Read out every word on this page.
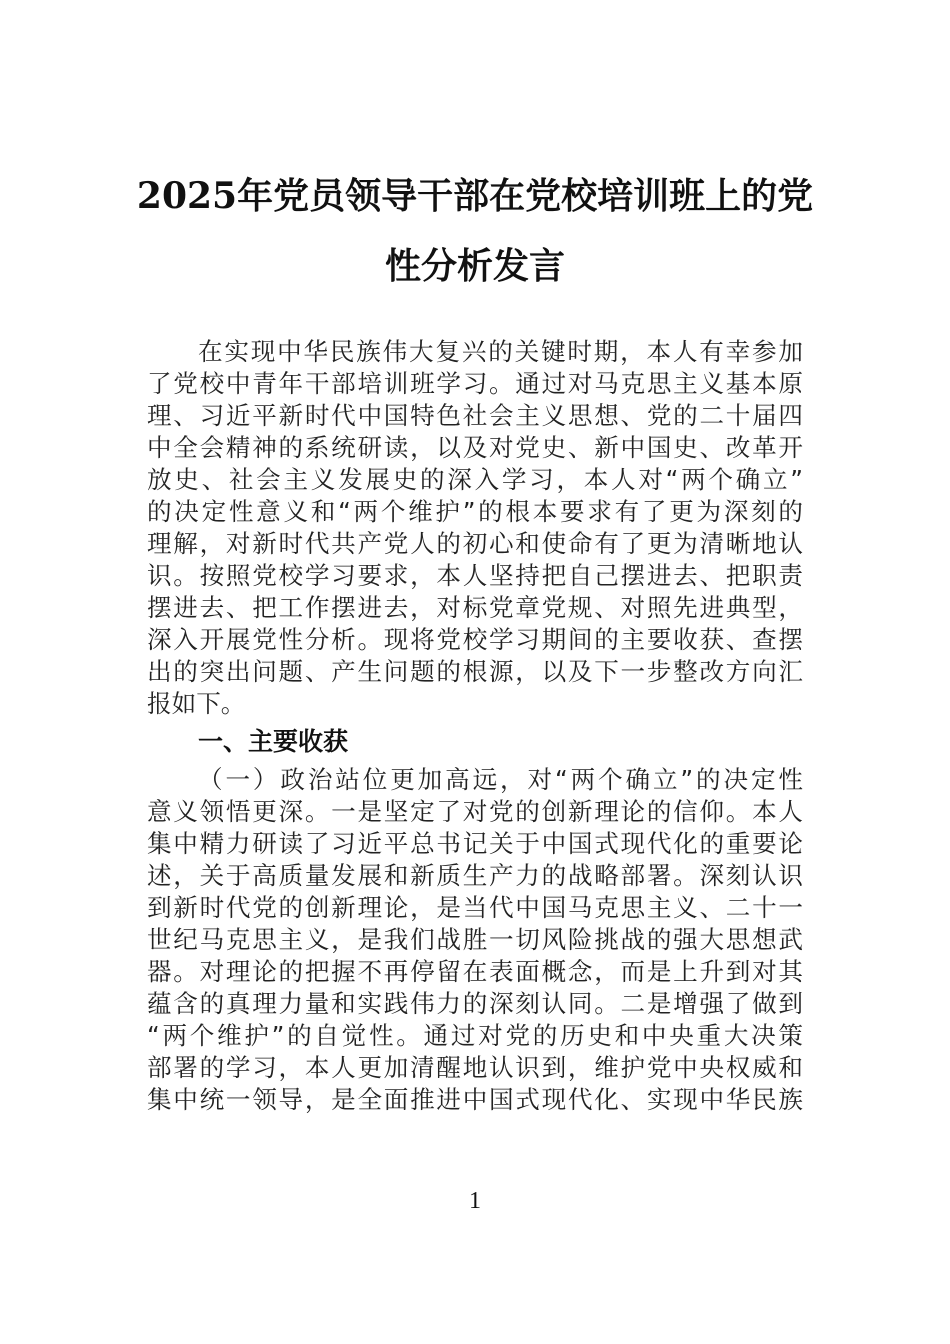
2025年党员领导干部在党校培训班上的党
性分析发言
在实现中华民族伟大复兴的关键时期，本人有幸参加
了党校中青年干部培训班学习。通过对马克思主义基本原
理、习近平新时代中国特色社会主义思想、党的二十届四
中全会精神的系统研读，以及对党史、新中国史、改革开
放史、社会主义发展史的深入学习，本人对“两个确立”
的决定性意义和“两个维护”的根本要求有了更为深刻的
理解，对新时代共产党人的初心和使命有了更为清晰地认
识。按照党校学习要求，本人坚持把自己摆进去、把职责
摆进去、把工作摆进去，对标党章党规、对照先进典型，
深入开展党性分析。现将党校学习期间的主要收获、查摆
出的突出问题、产生问题的根源，以及下一步整改方向汇
报如下。
一、主要收获
（一）政治站位更加高远，对“两个确立”的决定性
意义领悟更深。一是坚定了对党的创新理论的信仰。本人
集中精力研读了习近平总书记关于中国式现代化的重要论
述，关于高质量发展和新质生产力的战略部署。深刻认识
到新时代党的创新理论，是当代中国马克思主义、二十一
世纪马克思主义，是我们战胜一切风险挑战的强大思想武
器。对理论的把握不再停留在表面概念，而是上升到对其
蕴含的真理力量和实践伟力的深刻认同。二是增强了做到
“两个维护”的自觉性。通过对党的历史和中央重大决策
部署的学习，本人更加清醒地认识到，维护党中央权威和
集中统一领导，是全面推进中国式现代化、实现中华民族
1
